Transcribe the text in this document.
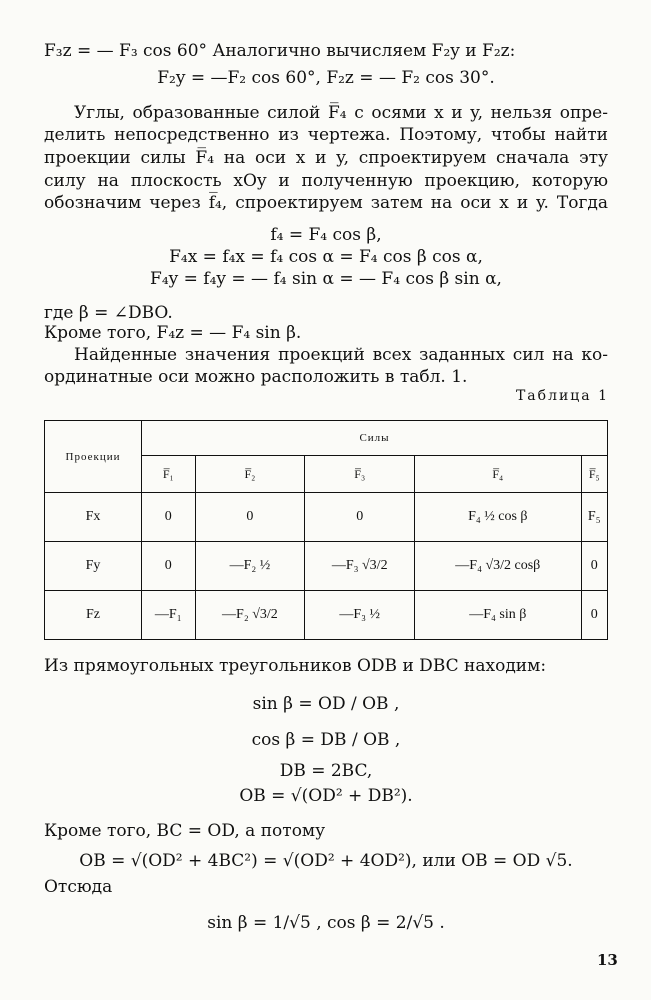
F₃z = — F₃ cos 60° Аналогично вычисляем F₂y и F₂z:
F₂y = —F₂ cos 60°, F₂z = — F₂ cos 30°.
Углы, образованные силой F̅₄ с осями x и y, нельзя опре-
делить непосредственно из чертежа. Поэтому, чтобы найти
проекции силы F̅₄ на оси x и y, спроектируем сначала эту
силу на плоскость xOy и полученную проекцию, которую
обозначим через f̅₄, спроектируем затем на оси x и y. Тогда
f₄ = F₄ cos β,
F₄x = f₄x = f₄ cos α = F₄ cos β cos α,
F₄y = f₄y = — f₄ sin α = — F₄ cos β sin α,
где β = ∠DBO.
Кроме того, F₄z = — F₄ sin β.
Найденные значения проекций всех заданных сил на ко-
ординатные оси можно расположить в табл. 1.
Таблица 1
Проекции	Силы				
	F̅₁	F̅₂	F̅₃	F̅₄	F̅₅
Fx	0	0	0	F₄ ½ cos β	F₅
Fy	0	—F₂ ½	—F₃ √3/2	—F₄ √3/2 cosβ	0
Fz	—F₁	—F₂ √3/2	—F₃ ½	—F₄ sin β	0
Из прямоугольных треугольников ODB и DBC находим:
sin β = OD / OB ,
cos β = DB / OB ,
DB = 2BC,
OB = √(OD² + DB²).
Кроме того, BC = OD, а потому
OB = √(OD² + 4BC²) = √(OD² + 4OD²), или OB = OD √5.
Отсюда
sin β = 1/√5 , cos β = 2/√5 .
13
